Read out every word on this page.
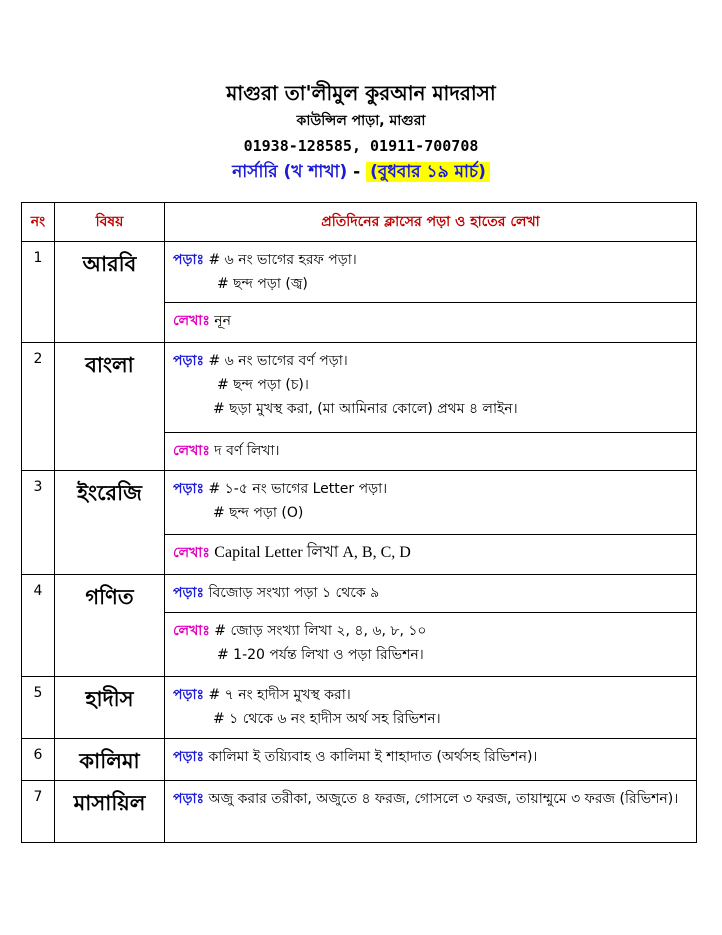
মাগুরা তা'লীমুল কুরআন মাদরাসা
কাউন্সিল পাড়া, মাগুরা
01938-128585, 01911-700708
নার্সারি (খ শাখা) - (বুধবার ১৯ মার্চ)
নং	বিষয়	প্রতিদিনের ক্লাসের পড়া ও হাতের লেখা
1	আরবি	পড়াঃ # ৬ নং ভাগের হরফ পড়া।

# ছন্দ পড়া (জ্ব)

		লেখাঃ নূন
2	বাংলা	পড়াঃ # ৬ নং ভাগের বর্ণ পড়া।
# ছন্দ পড়া (চ)।
# ছড়া মুখস্থ করা, (মা আমিনার কোলে) প্রথম ৪ লাইন।

		লেখাঃ দ বর্ণ লিখা।
3	ইংরেজি	পড়াঃ # ১-৫ নং ভাগের Letter পড়া।
# ছন্দ পড়া (O)

		লেখাঃ Capital Letter লিখা A, B, C, D
4	গণিত	পড়াঃ বিজোড় সংখ্যা পড়া ১ থেকে ৯
		লেখাঃ # জোড় সংখ্যা লিখা ২, ৪, ৬, ৮, ১০
# 1-20 পর্যন্ত লিখা ও পড়া রিভিশন।

5	হাদীস	পড়াঃ # ৭ নং হাদীস মুখস্থ করা।
# ১ থেকে ৬ নং হাদীস অর্থ সহ রিভিশন।

6	কালিমা	পড়াঃ কালিমা ই তয়্যিবাহ ও কালিমা ই শাহাদাত (অর্থসহ রিভিশন)।
7	মাসায়িল	পড়াঃ অজু করার তরীকা, অজুতে ৪ ফরজ, গোসলে ৩ ফরজ, তায়াম্মুমে ৩ ফরজ (রিভিশন)।
